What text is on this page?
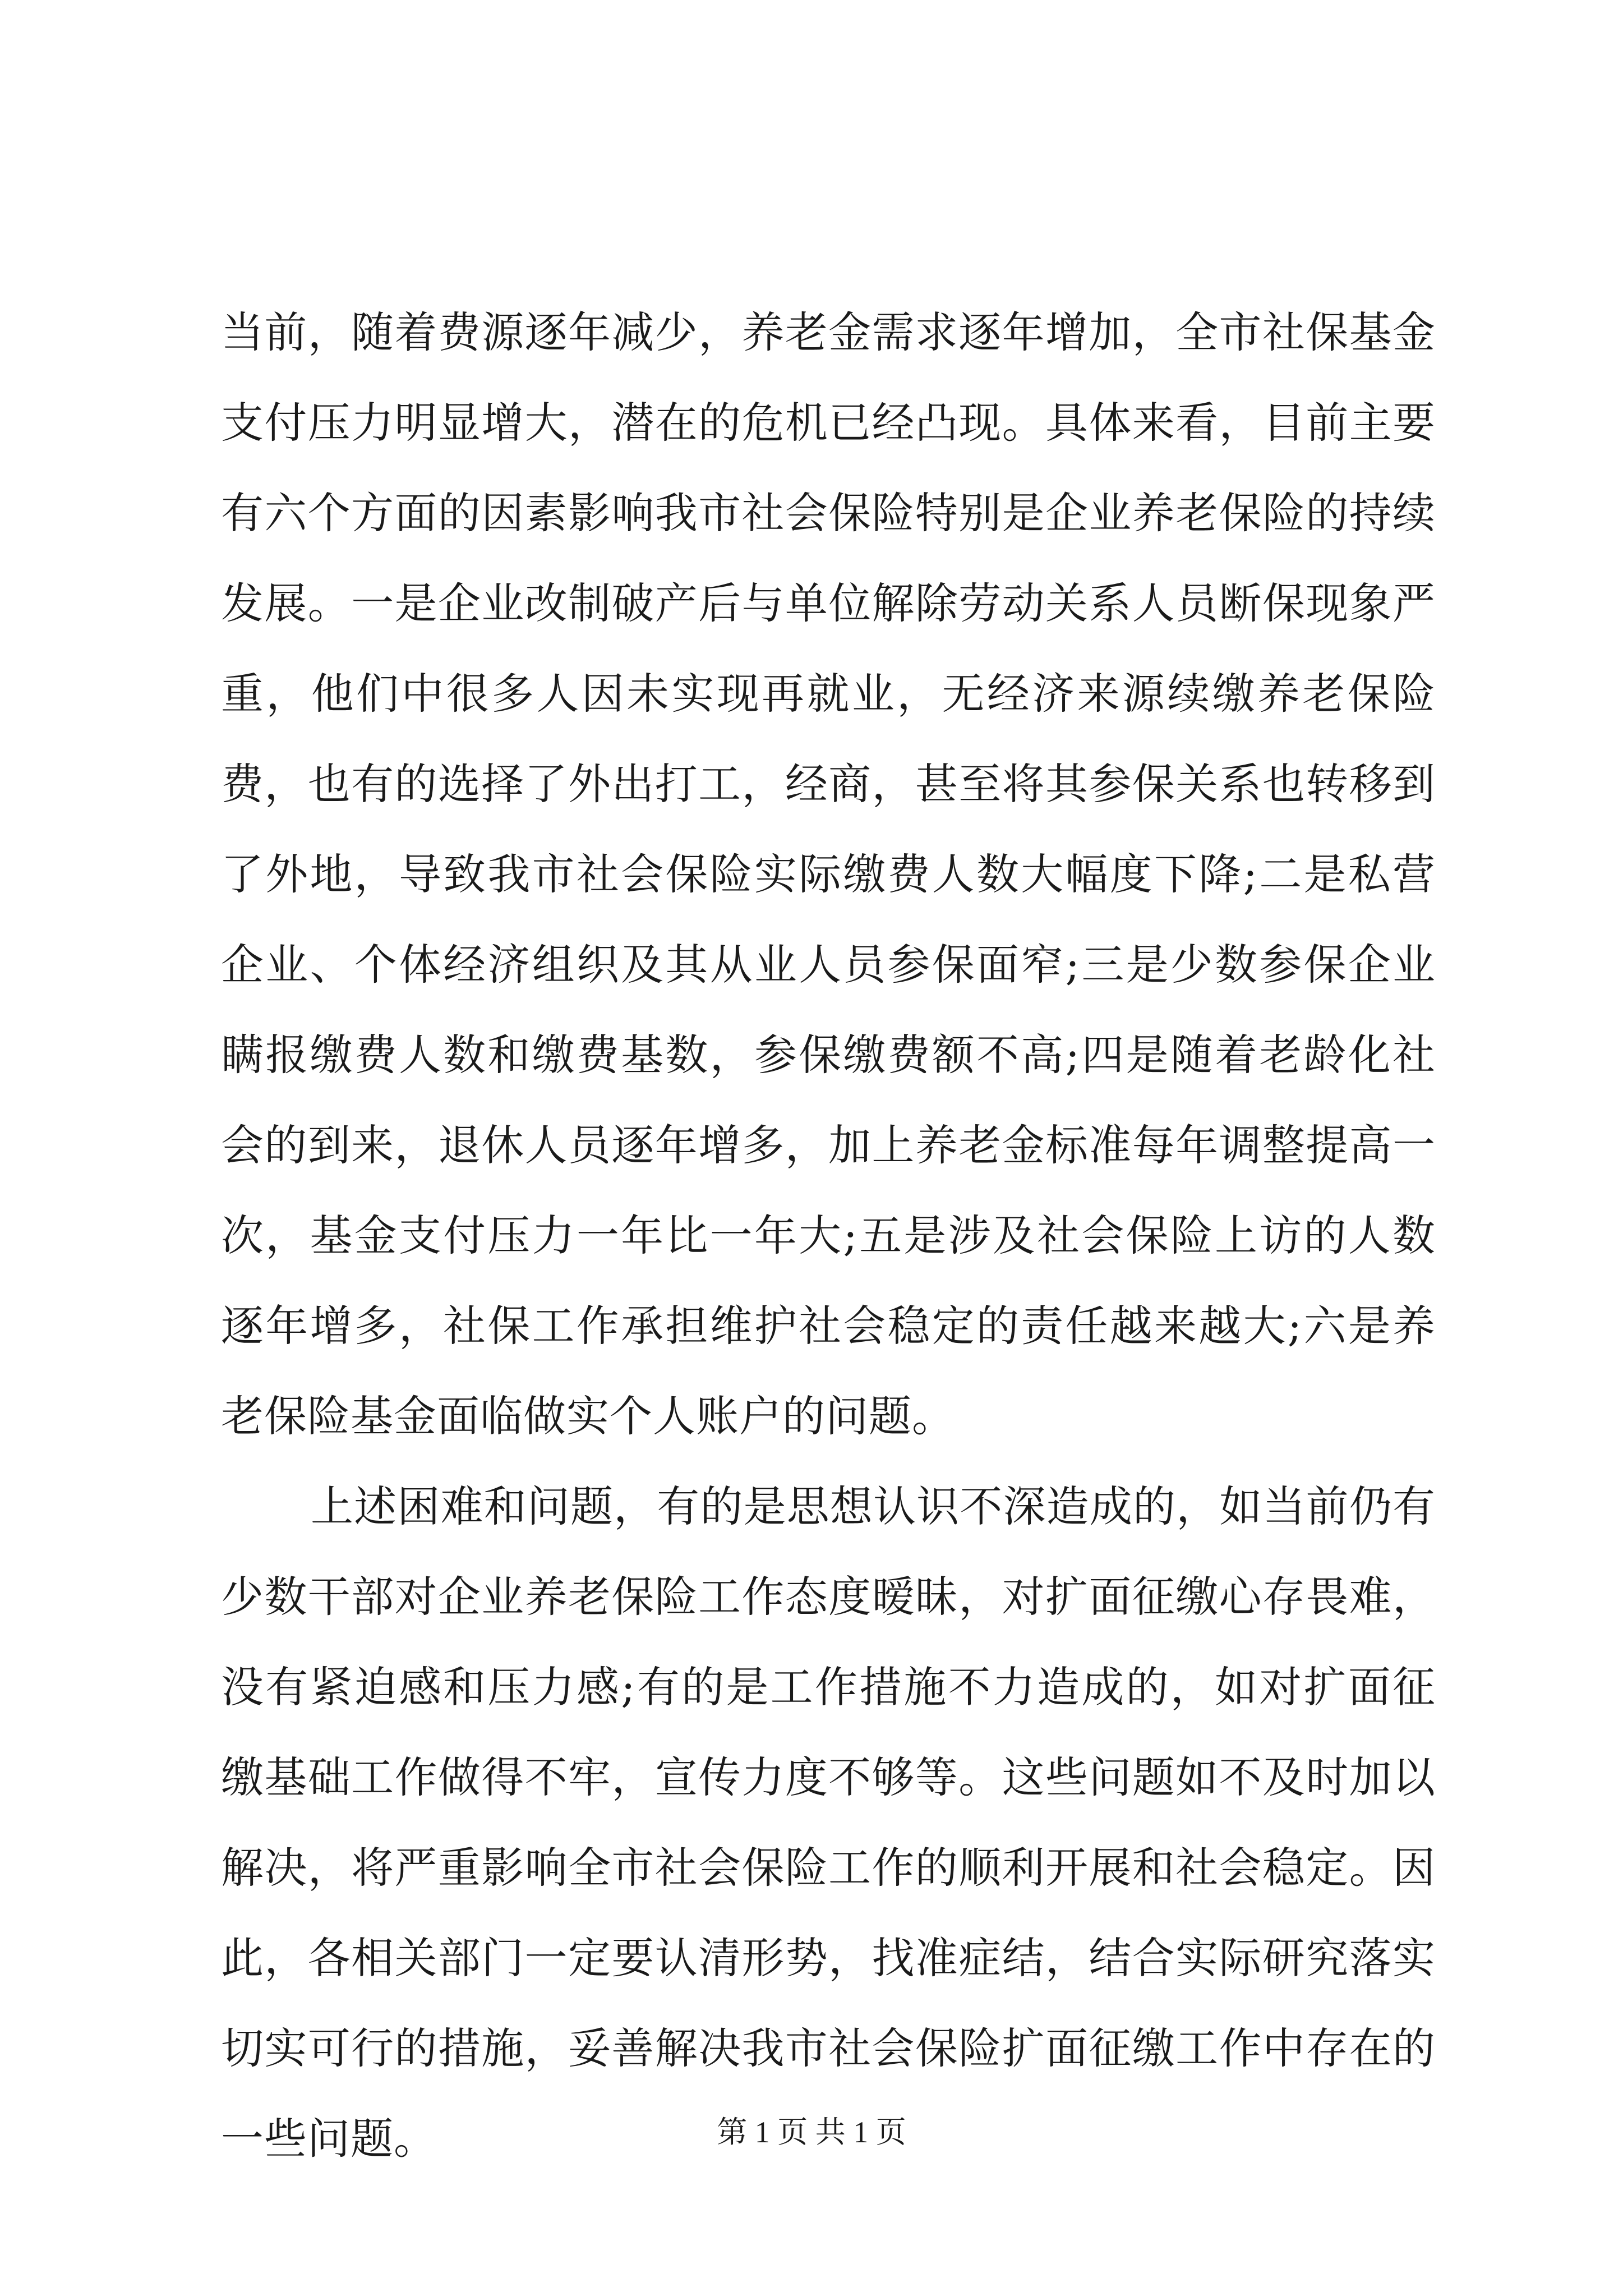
当前，随着费源逐年减少，养老金需求逐年增加，全市社保基金支付压力明显增大，潜在的危机已经凸现。具体来看，目前主要有六个方面的因素影响我市社会保险特别是企业养老保险的持续发展。一是企业改制破产后与单位解除劳动关系人员断保现象严重，他们中很多人因未实现再就业，无经济来源续缴养老保险费，也有的选择了外出打工，经商，甚至将其参保关系也转移到了外地，导致我市社会保险实际缴费人数大幅度下降;二是私营企业、个体经济组织及其从业人员参保面窄;三是少数参保企业瞒报缴费人数和缴费基数，参保缴费额不高;四是随着老龄化社会的到来，退休人员逐年增多，加上养老金标准每年调整提高一次，基金支付压力一年比一年大;五是涉及社会保险上访的人数逐年增多，社保工作承担维护社会稳定的责任越来越大;六是养老保险基金面临做实个人账户的问题。

上述困难和问题，有的是思想认识不深造成的，如当前仍有少数干部对企业养老保险工作态度暧昧，对扩面征缴心存畏难，没有紧迫感和压力感;有的是工作措施不力造成的，如对扩面征缴基础工作做得不牢，宣传力度不够等。这些问题如不及时加以解决，将严重影响全市社会保险工作的顺利开展和社会稳定。因此，各相关部门一定要认清形势，找准症结，结合实际研究落实切实可行的措施，妥善解决我市社会保险扩面征缴工作中存在的一些问题。	第 1 页 共 1 页
